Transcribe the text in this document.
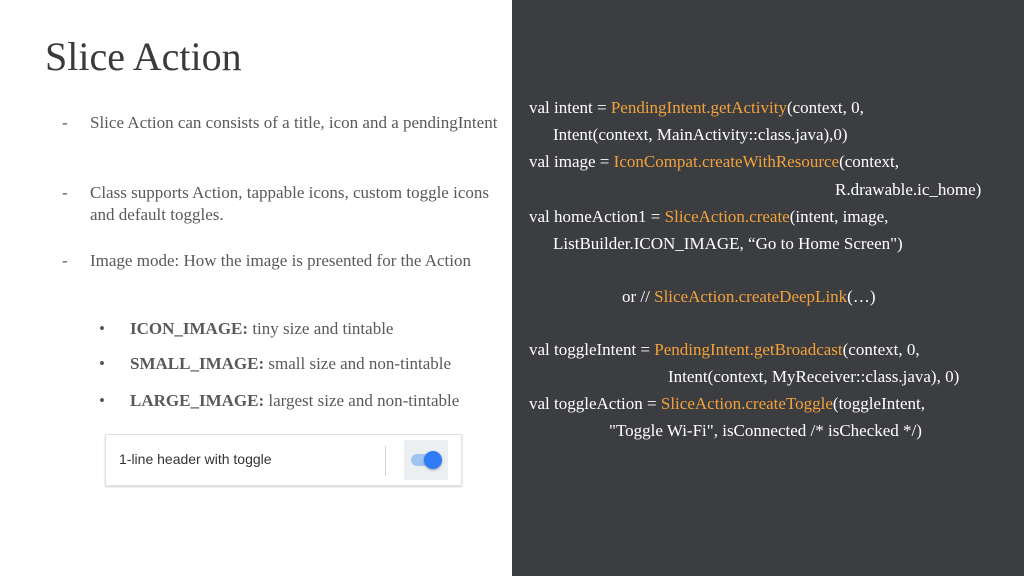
Slice Action
- Slice Action can consists of a title, icon and a pendingIntent
- Class supports Action, tappable icons, custom toggle icons and default toggles.
- Image mode: How the image is presented for the Action
• ICON_IMAGE: tiny size and tintable
• SMALL_IMAGE: small size and non-tintable
• LARGE_IMAGE: largest size and non-tintable
1-line header with toggle
val intent = PendingIntent.getActivity(context, 0,
Intent(context, MainActivity::class.java),0)
val image = IconCompat.createWithResource(context,
R.drawable.ic_home)
val homeAction1 = SliceAction.create(intent, image,
ListBuilder.ICON_IMAGE, “Go to Home Screen")
or // SliceAction.createDeepLink(…)
val toggleIntent = PendingIntent.getBroadcast(context, 0,
Intent(context, MyReceiver::class.java), 0)
val toggleAction = SliceAction.createToggle(toggleIntent,
"Toggle Wi-Fi", isConnected /* isChecked */)
